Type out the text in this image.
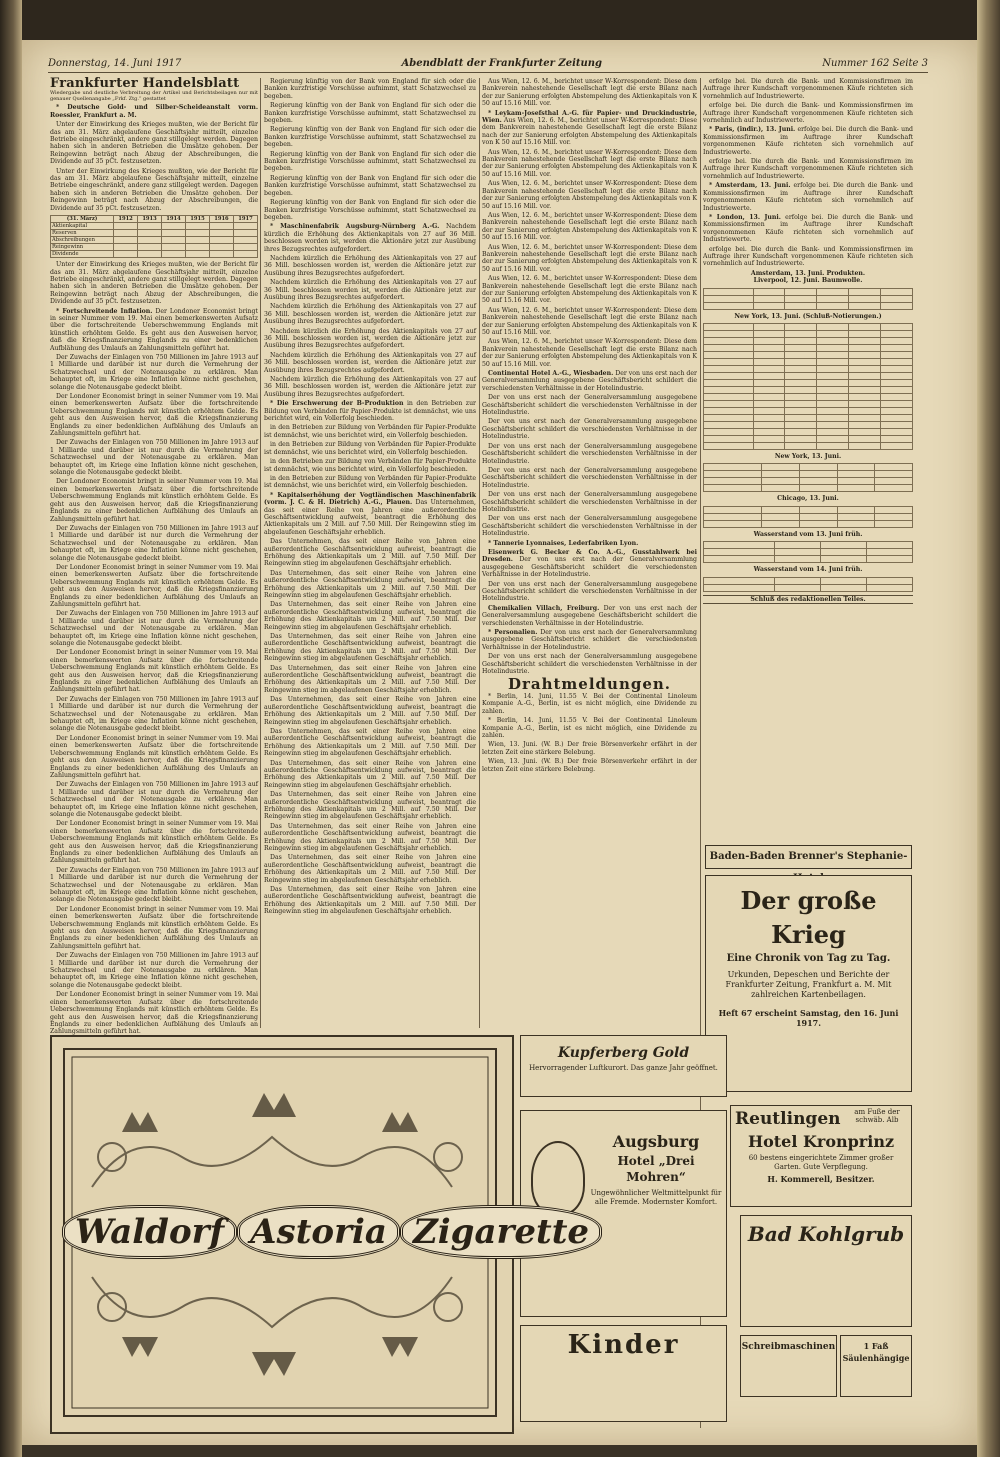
Donnerstag, 14. Juni 1917	Abendblatt der Frankfurter Zeitung	Nummer 162 Seite 3
Frankfurter Handelsblatt

Wiedergabe und deutliche Verbreitung der Artikel und Berichtsbeilagen nur mit genauer Quellenangabe „Frkf. Ztg.“ gestattet

* Deutsche Gold- und Silber-Scheideanstalt vorm. Roessler, Frankfurt a. M.

Unter der Einwirkung des Krieges mußten, wie der Bericht für das am 31. März abgelaufene Geschäftsjahr mitteilt, einzelne Betriebe eingeschränkt, andere ganz stillgelegt werden. Dagegen haben sich in anderen Betrieben die Umsätze gehoben. Der Reingewinn beträgt nach Abzug der Abschreibungen, die Dividende auf 35 pCt. festzusetzen.

Unter der Einwirkung des Krieges mußten, wie der Bericht für das am 31. März abgelaufene Geschäftsjahr mitteilt, einzelne Betriebe eingeschränkt, andere ganz stillgelegt werden. Dagegen haben sich in anderen Betrieben die Umsätze gehoben. Der Reingewinn beträgt nach Abzug der Abschreibungen, die Dividende auf 35 pCt. festzusetzen.

(31. März)	1912	1913	1914	1915	1916	1917
Aktienkapital						
Reserven						
Abschreibungen						
Reingewinn						
Dividende						

Unter der Einwirkung des Krieges mußten, wie der Bericht für das am 31. März abgelaufene Geschäftsjahr mitteilt, einzelne Betriebe eingeschränkt, andere ganz stillgelegt werden. Dagegen haben sich in anderen Betrieben die Umsätze gehoben. Der Reingewinn beträgt nach Abzug der Abschreibungen, die Dividende auf 35 pCt. festzusetzen.

* Fortschreitende Inflation. Der Londoner Economist bringt in seiner Nummer vom 19. Mai einen bemerkenswerten Aufsatz über die fortschreitende Ueberschwemmung Englands mit künstlich erhöhtem Gelde. Es geht aus den Ausweisen hervor, daß die Kriegsfinanzierung Englands zu einer bedenklichen Aufblähung des Umlaufs an Zahlungsmitteln geführt hat.

Der Zuwachs der Einlagen von 750 Millionen im Jahre 1913 auf 1 Milliarde und darüber ist nur durch die Vermehrung der Schatzwechsel und der Notenausgabe zu erklären. Man behauptet oft, im Kriege eine Inflation könne nicht geschehen, solange die Notenausgabe gedeckt bleibt.

Der Londoner Economist bringt in seiner Nummer vom 19. Mai einen bemerkenswerten Aufsatz über die fortschreitende Ueberschwemmung Englands mit künstlich erhöhtem Gelde. Es geht aus den Ausweisen hervor, daß die Kriegsfinanzierung Englands zu einer bedenklichen Aufblähung des Umlaufs an Zahlungsmitteln geführt hat.

Der Zuwachs der Einlagen von 750 Millionen im Jahre 1913 auf 1 Milliarde und darüber ist nur durch die Vermehrung der Schatzwechsel und der Notenausgabe zu erklären. Man behauptet oft, im Kriege eine Inflation könne nicht geschehen, solange die Notenausgabe gedeckt bleibt.

Der Londoner Economist bringt in seiner Nummer vom 19. Mai einen bemerkenswerten Aufsatz über die fortschreitende Ueberschwemmung Englands mit künstlich erhöhtem Gelde. Es geht aus den Ausweisen hervor, daß die Kriegsfinanzierung Englands zu einer bedenklichen Aufblähung des Umlaufs an Zahlungsmitteln geführt hat.

Der Zuwachs der Einlagen von 750 Millionen im Jahre 1913 auf 1 Milliarde und darüber ist nur durch die Vermehrung der Schatzwechsel und der Notenausgabe zu erklären. Man behauptet oft, im Kriege eine Inflation könne nicht geschehen, solange die Notenausgabe gedeckt bleibt.

Der Londoner Economist bringt in seiner Nummer vom 19. Mai einen bemerkenswerten Aufsatz über die fortschreitende Ueberschwemmung Englands mit künstlich erhöhtem Gelde. Es geht aus den Ausweisen hervor, daß die Kriegsfinanzierung Englands zu einer bedenklichen Aufblähung des Umlaufs an Zahlungsmitteln geführt hat.

Der Zuwachs der Einlagen von 750 Millionen im Jahre 1913 auf 1 Milliarde und darüber ist nur durch die Vermehrung der Schatzwechsel und der Notenausgabe zu erklären. Man behauptet oft, im Kriege eine Inflation könne nicht geschehen, solange die Notenausgabe gedeckt bleibt.

Der Londoner Economist bringt in seiner Nummer vom 19. Mai einen bemerkenswerten Aufsatz über die fortschreitende Ueberschwemmung Englands mit künstlich erhöhtem Gelde. Es geht aus den Ausweisen hervor, daß die Kriegsfinanzierung Englands zu einer bedenklichen Aufblähung des Umlaufs an Zahlungsmitteln geführt hat.

Der Zuwachs der Einlagen von 750 Millionen im Jahre 1913 auf 1 Milliarde und darüber ist nur durch die Vermehrung der Schatzwechsel und der Notenausgabe zu erklären. Man behauptet oft, im Kriege eine Inflation könne nicht geschehen, solange die Notenausgabe gedeckt bleibt.

Der Londoner Economist bringt in seiner Nummer vom 19. Mai einen bemerkenswerten Aufsatz über die fortschreitende Ueberschwemmung Englands mit künstlich erhöhtem Gelde. Es geht aus den Ausweisen hervor, daß die Kriegsfinanzierung Englands zu einer bedenklichen Aufblähung des Umlaufs an Zahlungsmitteln geführt hat.

Der Zuwachs der Einlagen von 750 Millionen im Jahre 1913 auf 1 Milliarde und darüber ist nur durch die Vermehrung der Schatzwechsel und der Notenausgabe zu erklären. Man behauptet oft, im Kriege eine Inflation könne nicht geschehen, solange die Notenausgabe gedeckt bleibt.

Der Londoner Economist bringt in seiner Nummer vom 19. Mai einen bemerkenswerten Aufsatz über die fortschreitende Ueberschwemmung Englands mit künstlich erhöhtem Gelde. Es geht aus den Ausweisen hervor, daß die Kriegsfinanzierung Englands zu einer bedenklichen Aufblähung des Umlaufs an Zahlungsmitteln geführt hat.

Der Zuwachs der Einlagen von 750 Millionen im Jahre 1913 auf 1 Milliarde und darüber ist nur durch die Vermehrung der Schatzwechsel und der Notenausgabe zu erklären. Man behauptet oft, im Kriege eine Inflation könne nicht geschehen, solange die Notenausgabe gedeckt bleibt.

Der Londoner Economist bringt in seiner Nummer vom 19. Mai einen bemerkenswerten Aufsatz über die fortschreitende Ueberschwemmung Englands mit künstlich erhöhtem Gelde. Es geht aus den Ausweisen hervor, daß die Kriegsfinanzierung Englands zu einer bedenklichen Aufblähung des Umlaufs an Zahlungsmitteln geführt hat.

Der Zuwachs der Einlagen von 750 Millionen im Jahre 1913 auf 1 Milliarde und darüber ist nur durch die Vermehrung der Schatzwechsel und der Notenausgabe zu erklären. Man behauptet oft, im Kriege eine Inflation könne nicht geschehen, solange die Notenausgabe gedeckt bleibt.

Der Londoner Economist bringt in seiner Nummer vom 19. Mai einen bemerkenswerten Aufsatz über die fortschreitende Ueberschwemmung Englands mit künstlich erhöhtem Gelde. Es geht aus den Ausweisen hervor, daß die Kriegsfinanzierung Englands zu einer bedenklichen Aufblähung des Umlaufs an Zahlungsmitteln geführt hat.

Regierung künftig von der Bank von England für sich oder die Banken kurzfristige Vorschüsse aufnimmt, statt Schatzwechsel zu begeben.

Regierung künftig von der Bank von England für sich oder die Banken kurzfristige Vorschüsse aufnimmt, statt Schatzwechsel zu begeben.

Regierung künftig von der Bank von England für sich oder die Banken kurzfristige Vorschüsse aufnimmt, statt Schatzwechsel zu begeben.

Regierung künftig von der Bank von England für sich oder die Banken kurzfristige Vorschüsse aufnimmt, statt Schatzwechsel zu begeben.

Regierung künftig von der Bank von England für sich oder die Banken kurzfristige Vorschüsse aufnimmt, statt Schatzwechsel zu begeben.

Regierung künftig von der Bank von England für sich oder die Banken kurzfristige Vorschüsse aufnimmt, statt Schatzwechsel zu begeben.

* Maschinenfabrik Augsburg-Nürnberg A.-G. Nachdem kürzlich die Erhöhung des Aktienkapitals von 27 auf 36 Mill. beschlossen worden ist, werden die Aktionäre jetzt zur Ausübung ihres Bezugsrechtes aufgefordert.

Nachdem kürzlich die Erhöhung des Aktienkapitals von 27 auf 36 Mill. beschlossen worden ist, werden die Aktionäre jetzt zur Ausübung ihres Bezugsrechtes aufgefordert.

Nachdem kürzlich die Erhöhung des Aktienkapitals von 27 auf 36 Mill. beschlossen worden ist, werden die Aktionäre jetzt zur Ausübung ihres Bezugsrechtes aufgefordert.

Nachdem kürzlich die Erhöhung des Aktienkapitals von 27 auf 36 Mill. beschlossen worden ist, werden die Aktionäre jetzt zur Ausübung ihres Bezugsrechtes aufgefordert.

Nachdem kürzlich die Erhöhung des Aktienkapitals von 27 auf 36 Mill. beschlossen worden ist, werden die Aktionäre jetzt zur Ausübung ihres Bezugsrechtes aufgefordert.

Nachdem kürzlich die Erhöhung des Aktienkapitals von 27 auf 36 Mill. beschlossen worden ist, werden die Aktionäre jetzt zur Ausübung ihres Bezugsrechtes aufgefordert.

Nachdem kürzlich die Erhöhung des Aktienkapitals von 27 auf 36 Mill. beschlossen worden ist, werden die Aktionäre jetzt zur Ausübung ihres Bezugsrechtes aufgefordert.

* Die Erschwerung der B-Produktion in den Betrieben zur Bildung von Verbänden für Papier-Produkte ist demnächst, wie uns berichtet wird, ein Vollerfolg beschieden.

in den Betrieben zur Bildung von Verbänden für Papier-Produkte ist demnächst, wie uns berichtet wird, ein Vollerfolg beschieden.

in den Betrieben zur Bildung von Verbänden für Papier-Produkte ist demnächst, wie uns berichtet wird, ein Vollerfolg beschieden.

in den Betrieben zur Bildung von Verbänden für Papier-Produkte ist demnächst, wie uns berichtet wird, ein Vollerfolg beschieden.

in den Betrieben zur Bildung von Verbänden für Papier-Produkte ist demnächst, wie uns berichtet wird, ein Vollerfolg beschieden.

* Kapitalserhöhung der Vogtländischen Maschinenfabrik (vorm. J. C. & H. Dietrich) A.-G., Plauen. Das Unternehmen, das seit einer Reihe von Jahren eine außerordentliche Geschäftsentwicklung aufweist, beantragt die Erhöhung des Aktienkapitals um 2 Mill. auf 7.50 Mill. Der Reingewinn stieg im abgelaufenen Geschäftsjahr erheblich.

Das Unternehmen, das seit einer Reihe von Jahren eine außerordentliche Geschäftsentwicklung aufweist, beantragt die Erhöhung des Aktienkapitals um 2 Mill. auf 7.50 Mill. Der Reingewinn stieg im abgelaufenen Geschäftsjahr erheblich.

Das Unternehmen, das seit einer Reihe von Jahren eine außerordentliche Geschäftsentwicklung aufweist, beantragt die Erhöhung des Aktienkapitals um 2 Mill. auf 7.50 Mill. Der Reingewinn stieg im abgelaufenen Geschäftsjahr erheblich.

Das Unternehmen, das seit einer Reihe von Jahren eine außerordentliche Geschäftsentwicklung aufweist, beantragt die Erhöhung des Aktienkapitals um 2 Mill. auf 7.50 Mill. Der Reingewinn stieg im abgelaufenen Geschäftsjahr erheblich.

Das Unternehmen, das seit einer Reihe von Jahren eine außerordentliche Geschäftsentwicklung aufweist, beantragt die Erhöhung des Aktienkapitals um 2 Mill. auf 7.50 Mill. Der Reingewinn stieg im abgelaufenen Geschäftsjahr erheblich.

Das Unternehmen, das seit einer Reihe von Jahren eine außerordentliche Geschäftsentwicklung aufweist, beantragt die Erhöhung des Aktienkapitals um 2 Mill. auf 7.50 Mill. Der Reingewinn stieg im abgelaufenen Geschäftsjahr erheblich.

Das Unternehmen, das seit einer Reihe von Jahren eine außerordentliche Geschäftsentwicklung aufweist, beantragt die Erhöhung des Aktienkapitals um 2 Mill. auf 7.50 Mill. Der Reingewinn stieg im abgelaufenen Geschäftsjahr erheblich.

Das Unternehmen, das seit einer Reihe von Jahren eine außerordentliche Geschäftsentwicklung aufweist, beantragt die Erhöhung des Aktienkapitals um 2 Mill. auf 7.50 Mill. Der Reingewinn stieg im abgelaufenen Geschäftsjahr erheblich.

Das Unternehmen, das seit einer Reihe von Jahren eine außerordentliche Geschäftsentwicklung aufweist, beantragt die Erhöhung des Aktienkapitals um 2 Mill. auf 7.50 Mill. Der Reingewinn stieg im abgelaufenen Geschäftsjahr erheblich.

Das Unternehmen, das seit einer Reihe von Jahren eine außerordentliche Geschäftsentwicklung aufweist, beantragt die Erhöhung des Aktienkapitals um 2 Mill. auf 7.50 Mill. Der Reingewinn stieg im abgelaufenen Geschäftsjahr erheblich.

Das Unternehmen, das seit einer Reihe von Jahren eine außerordentliche Geschäftsentwicklung aufweist, beantragt die Erhöhung des Aktienkapitals um 2 Mill. auf 7.50 Mill. Der Reingewinn stieg im abgelaufenen Geschäftsjahr erheblich.

Das Unternehmen, das seit einer Reihe von Jahren eine außerordentliche Geschäftsentwicklung aufweist, beantragt die Erhöhung des Aktienkapitals um 2 Mill. auf 7.50 Mill. Der Reingewinn stieg im abgelaufenen Geschäftsjahr erheblich.

Das Unternehmen, das seit einer Reihe von Jahren eine außerordentliche Geschäftsentwicklung aufweist, beantragt die Erhöhung des Aktienkapitals um 2 Mill. auf 7.50 Mill. Der Reingewinn stieg im abgelaufenen Geschäftsjahr erheblich.

Aus Wien, 12. 6. M., berichtet unser W-Korrespondent: Diese dem Bankverein nahestehende Gesellschaft legt die erste Bilanz nach der zur Sanierung erfolgten Abstempelung des Aktienkapitals von K 50 auf 15.16 Mill. vor.

* Leykam-Josefsthal A.-G. für Papier- und Druckindustrie, Wien. Aus Wien, 12. 6. M., berichtet unser W-Korrespondent: Diese dem Bankverein nahestehende Gesellschaft legt die erste Bilanz nach der zur Sanierung erfolgten Abstempelung des Aktienkapitals von K 50 auf 15.16 Mill. vor.

Aus Wien, 12. 6. M., berichtet unser W-Korrespondent: Diese dem Bankverein nahestehende Gesellschaft legt die erste Bilanz nach der zur Sanierung erfolgten Abstempelung des Aktienkapitals von K 50 auf 15.16 Mill. vor.

Aus Wien, 12. 6. M., berichtet unser W-Korrespondent: Diese dem Bankverein nahestehende Gesellschaft legt die erste Bilanz nach der zur Sanierung erfolgten Abstempelung des Aktienkapitals von K 50 auf 15.16 Mill. vor.

Aus Wien, 12. 6. M., berichtet unser W-Korrespondent: Diese dem Bankverein nahestehende Gesellschaft legt die erste Bilanz nach der zur Sanierung erfolgten Abstempelung des Aktienkapitals von K 50 auf 15.16 Mill. vor.

Aus Wien, 12. 6. M., berichtet unser W-Korrespondent: Diese dem Bankverein nahestehende Gesellschaft legt die erste Bilanz nach der zur Sanierung erfolgten Abstempelung des Aktienkapitals von K 50 auf 15.16 Mill. vor.

Aus Wien, 12. 6. M., berichtet unser W-Korrespondent: Diese dem Bankverein nahestehende Gesellschaft legt die erste Bilanz nach der zur Sanierung erfolgten Abstempelung des Aktienkapitals von K 50 auf 15.16 Mill. vor.

Aus Wien, 12. 6. M., berichtet unser W-Korrespondent: Diese dem Bankverein nahestehende Gesellschaft legt die erste Bilanz nach der zur Sanierung erfolgten Abstempelung des Aktienkapitals von K 50 auf 15.16 Mill. vor.

Aus Wien, 12. 6. M., berichtet unser W-Korrespondent: Diese dem Bankverein nahestehende Gesellschaft legt die erste Bilanz nach der zur Sanierung erfolgten Abstempelung des Aktienkapitals von K 50 auf 15.16 Mill. vor.

Continental Hotel A.-G., Wiesbaden. Der von uns erst nach der Generalversammlung ausgegebene Geschäftsbericht schildert die verschiedensten Verhältnisse in der Hotelindustrie.

Der von uns erst nach der Generalversammlung ausgegebene Geschäftsbericht schildert die verschiedensten Verhältnisse in der Hotelindustrie.

Der von uns erst nach der Generalversammlung ausgegebene Geschäftsbericht schildert die verschiedensten Verhältnisse in der Hotelindustrie.

Der von uns erst nach der Generalversammlung ausgegebene Geschäftsbericht schildert die verschiedensten Verhältnisse in der Hotelindustrie.

Der von uns erst nach der Generalversammlung ausgegebene Geschäftsbericht schildert die verschiedensten Verhältnisse in der Hotelindustrie.

Der von uns erst nach der Generalversammlung ausgegebene Geschäftsbericht schildert die verschiedensten Verhältnisse in der Hotelindustrie.

Der von uns erst nach der Generalversammlung ausgegebene Geschäftsbericht schildert die verschiedensten Verhältnisse in der Hotelindustrie.

* Tannerie Lyonnaises, Lederfabriken Lyon.

Eisenwerk G. Becker & Co. A.-G., Gusstahlwerk bei Dresden. Der von uns erst nach der Generalversammlung ausgegebene Geschäftsbericht schildert die verschiedensten Verhältnisse in der Hotelindustrie.

Der von uns erst nach der Generalversammlung ausgegebene Geschäftsbericht schildert die verschiedensten Verhältnisse in der Hotelindustrie.

Chemikalien Villach, Freiburg. Der von uns erst nach der Generalversammlung ausgegebene Geschäftsbericht schildert die verschiedensten Verhältnisse in der Hotelindustrie.

* Personalien. Der von uns erst nach der Generalversammlung ausgegebene Geschäftsbericht schildert die verschiedensten Verhältnisse in der Hotelindustrie.

Der von uns erst nach der Generalversammlung ausgegebene Geschäftsbericht schildert die verschiedensten Verhältnisse in der Hotelindustrie.

Drahtmeldungen.

* Berlin, 14. Juni, 11.55 V. Bei der Continental Linoleum Kompanie A.-G., Berlin, ist es nicht möglich, eine Dividende zu zahlen.

* Berlin, 14. Juni, 11.55 V. Bei der Continental Linoleum Kompanie A.-G., Berlin, ist es nicht möglich, eine Dividende zu zahlen.

Wien, 13. Juni. (W. B.) Der freie Börsenverkehr erfährt in der letzten Zeit eine stärkere Belebung.

Wien, 13. Juni. (W. B.) Der freie Börsenverkehr erfährt in der letzten Zeit eine stärkere Belebung.

erfolge bei. Die durch die Bank- und Kommissionsfirmen im Auftrage ihrer Kundschaft vorgenommenen Käufe richteten sich vornehmlich auf Industriewerte.

erfolge bei. Die durch die Bank- und Kommissionsfirmen im Auftrage ihrer Kundschaft vorgenommenen Käufe richteten sich vornehmlich auf Industriewerte.

* Paris, (indir.), 13. Juni. erfolge bei. Die durch die Bank- und Kommissionsfirmen im Auftrage ihrer Kundschaft vorgenommenen Käufe richteten sich vornehmlich auf Industriewerte.

erfolge bei. Die durch die Bank- und Kommissionsfirmen im Auftrage ihrer Kundschaft vorgenommenen Käufe richteten sich vornehmlich auf Industriewerte.

* Amsterdam, 13. Juni. erfolge bei. Die durch die Bank- und Kommissionsfirmen im Auftrage ihrer Kundschaft vorgenommenen Käufe richteten sich vornehmlich auf Industriewerte.

* London, 13. Juni. erfolge bei. Die durch die Bank- und Kommissionsfirmen im Auftrage ihrer Kundschaft vorgenommenen Käufe richteten sich vornehmlich auf Industriewerte.

erfolge bei. Die durch die Bank- und Kommissionsfirmen im Auftrage ihrer Kundschaft vorgenommenen Käufe richteten sich vornehmlich auf Industriewerte.

Amsterdam, 13. Juni. Produkten.
Liverpool, 12. Juni. Baumwolle.

New York, 13. Juni. (Schluß-Notierungen.)

New York, 13. Juni.

Chicago, 13. Juni.

Wasserstand vom 13. Juni früh.

Wasserstand vom 14. Juni früh.

Schluß des redaktionellen Teiles.
Baden-Baden Brenner's Stephanie-
Der große Krieg
Eine Chronik von Tag zu Tag.
Urkunden, Depeschen und Berichte der Frankfurter Zeitung, Frankfurt a. M. Mit zahlreichen Kartenbeilagen.
Heft 67 erscheint Samstag, den 16. Juni 1917.
Reutlingen	am Fuße der schwäb. Alb
Hotel Kronprinz
60 bestens eingerichtete Zimmer großer Garten. Gute Verpflegung.
H. Kommerell, Besitzer.
Bad Kohlgrub
Schreibmaschinen	1 Faß Säulenhängige
Kupferberg Gold
Hervorragender Luftkurort. Das ganze Jahr geöffnet.
Augsburg
Hotel „Drei Mohren“
Ungewöhnlicher Weltmittelpunkt für alle Fremde. Modernster Komfort.
Kinder
Waldorf Astoria Zigarette
